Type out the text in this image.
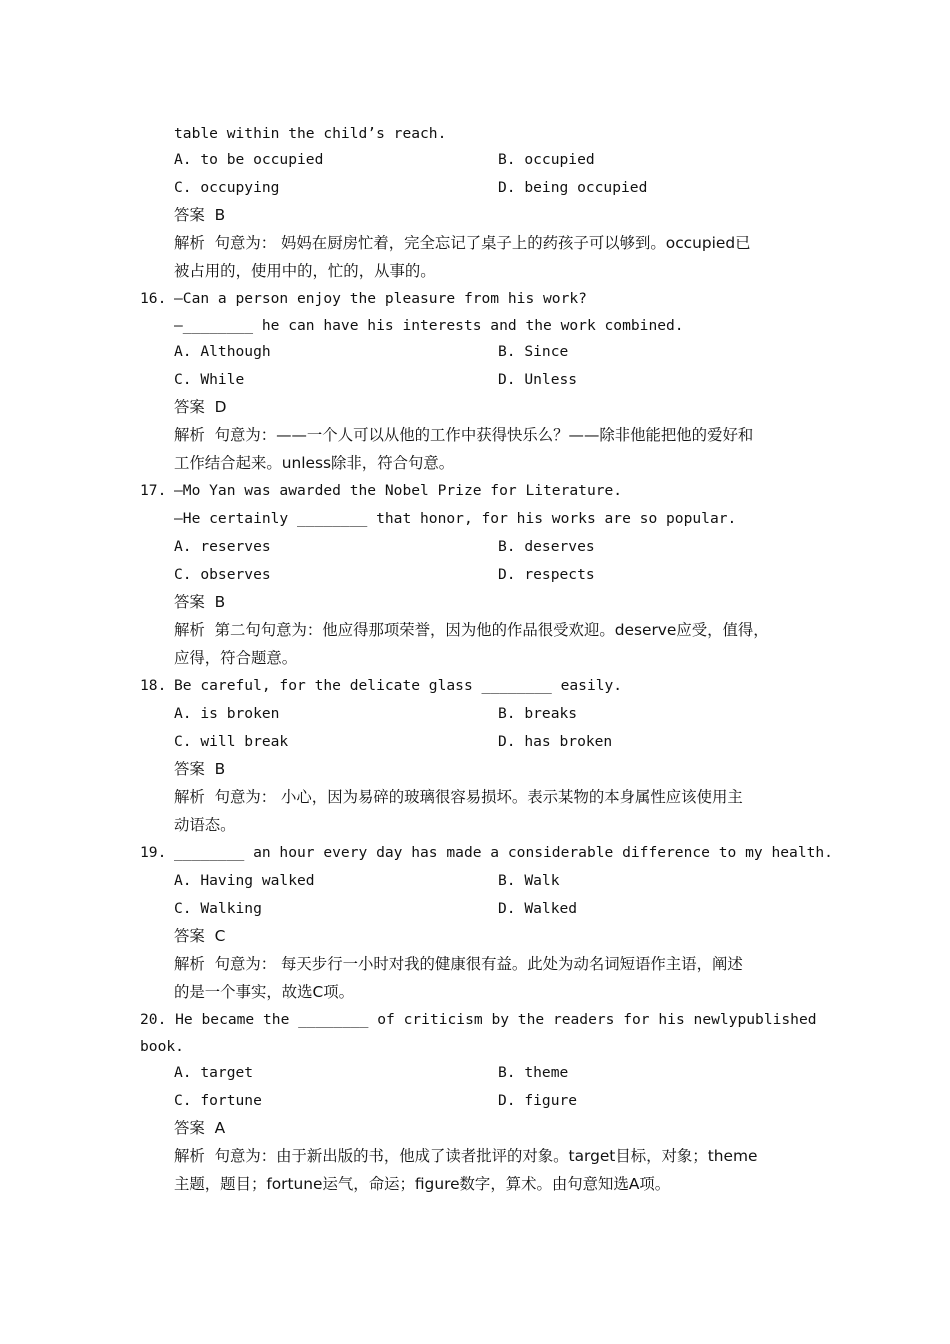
table within the child’s reach.
A. to be occupied	B. occupied
C. occupying	D. being occupied
答案  B
解析  句意为： 妈妈在厨房忙着，完全忘记了桌子上的药孩子可以够到。occupied已
被占用的，使用中的，忙的，从事的。
16. —Can a person enjoy the pleasure from his work?
—________ he can have his interests and the work combined.
A. Although	B. Since
C. While	D. Unless
答案  D
解析  句意为：——一个人可以从他的工作中获得快乐么？——除非他能把他的爱好和
工作结合起来。unless除非，符合句意。
17. —Mo Yan was awarded the Nobel Prize for Literature.
—He certainly ________ that honor, for his works are so popular.
A. reserves	B. deserves
C. observes	D. respects
答案  B
解析  第二句句意为：他应得那项荣誉，因为他的作品很受欢迎。deserve应受，值得，
应得，符合题意。
18. Be careful, for the delicate glass ________ easily.
A. is broken	B. breaks
C. will break	D. has broken
答案  B
解析  句意为： 小心，因为易碎的玻璃很容易损坏。表示某物的本身属性应该使用主
动语态。
19. ________ an hour every day has made a considerable difference to my health.
A. Having walked	B. Walk
C. Walking	D. Walked
答案  C
解析  句意为： 每天步行一小时对我的健康很有益。此处为动名词短语作主语，阐述
的是一个事实，故选C项。
20. He became the ________ of criticism by the readers for his newlypublished
book.
A. target	B. theme
C. fortune	D. figure
答案  A
解析  句意为：由于新出版的书，他成了读者批评的对象。target目标，对象；theme
主题，题目；fortune运气，命运；figure数字，算术。由句意知选A项。
